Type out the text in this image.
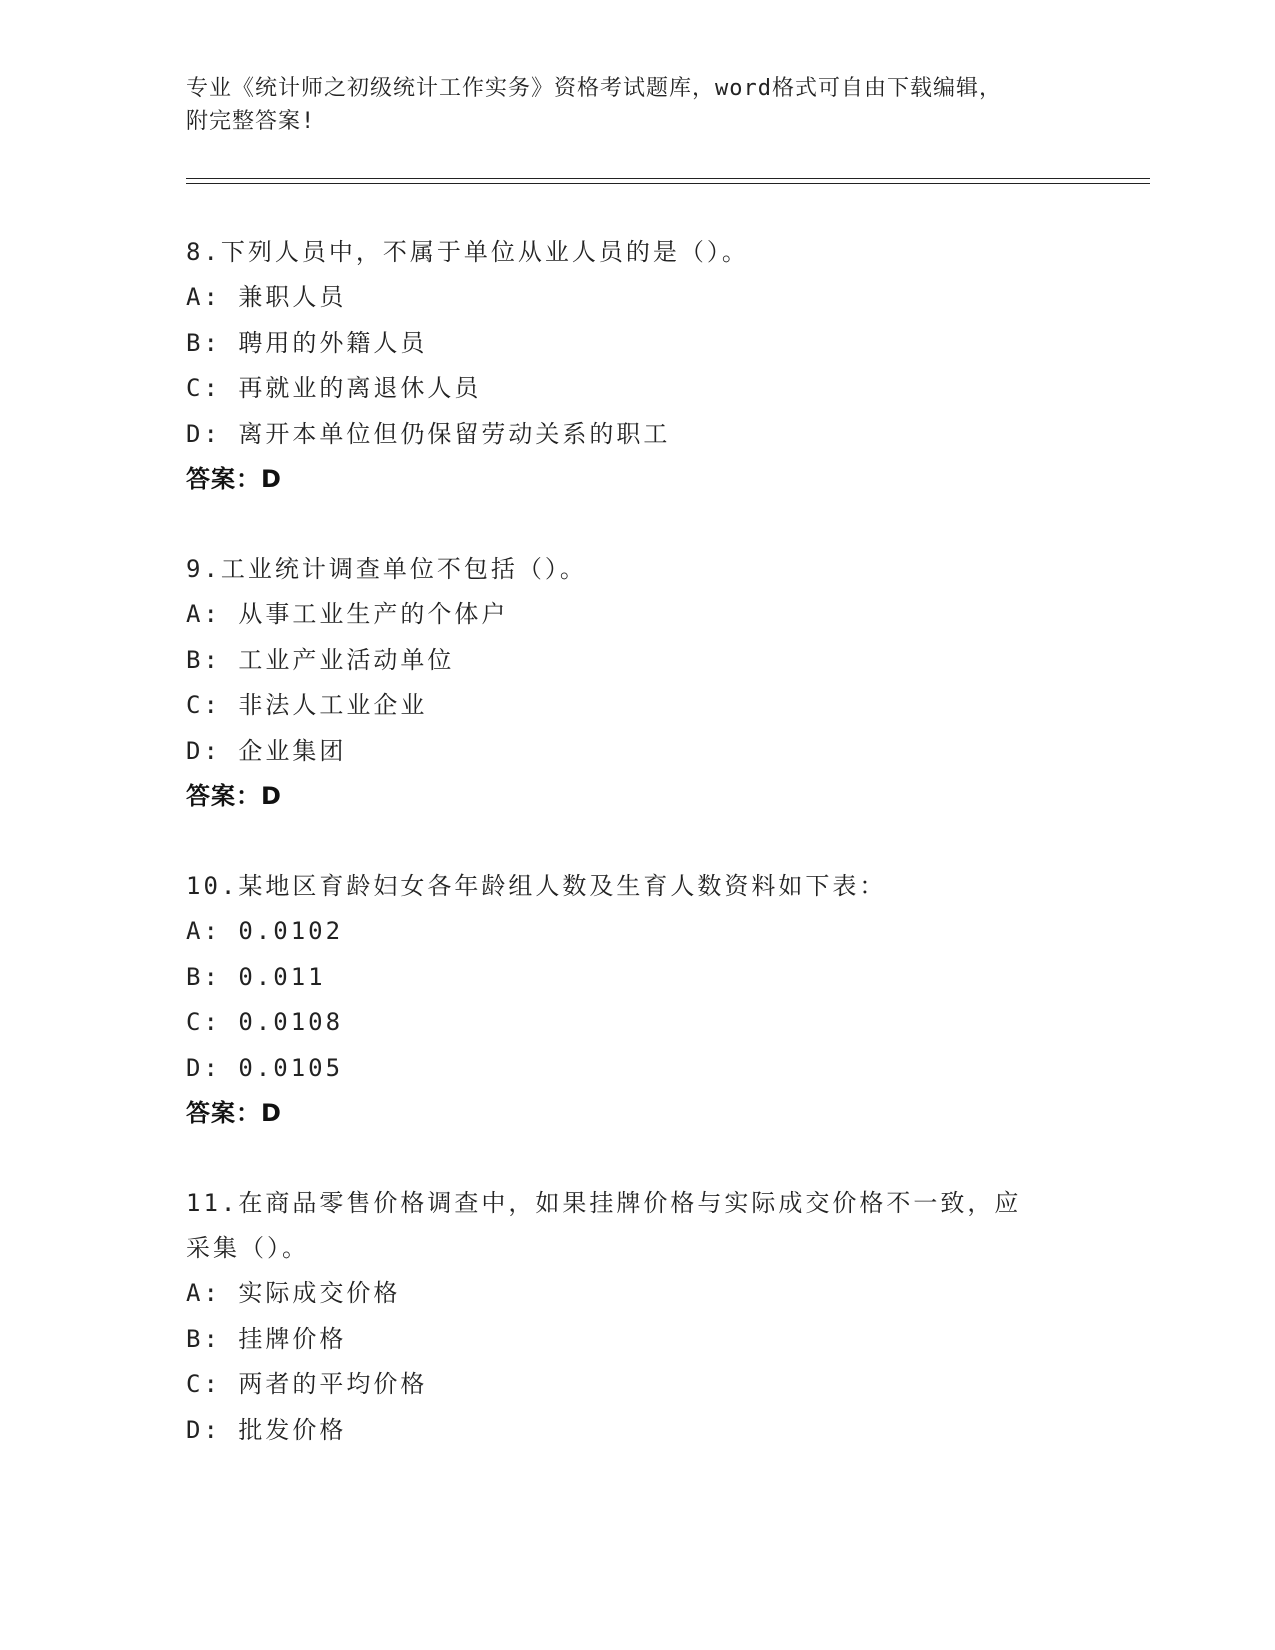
专业《统计师之初级统计工作实务》资格考试题库，word格式可自由下载编辑，
附完整答案!
8.下列人员中，不属于单位从业人员的是（）。
A: 兼职人员
B: 聘用的外籍人员
C: 再就业的离退休人员
D: 离开本单位但仍保留劳动关系的职工
答案：D
9.工业统计调查单位不包括（）。
A: 从事工业生产的个体户
B: 工业产业活动单位
C: 非法人工业企业
D: 企业集团
答案：D
10.某地区育龄妇女各年龄组人数及生育人数资料如下表：
A: 0.0102
B: 0.011
C: 0.0108
D: 0.0105
答案：D
11.在商品零售价格调查中，如果挂牌价格与实际成交价格不一致，应
采集（）。
A: 实际成交价格
B: 挂牌价格
C: 两者的平均价格
D: 批发价格
